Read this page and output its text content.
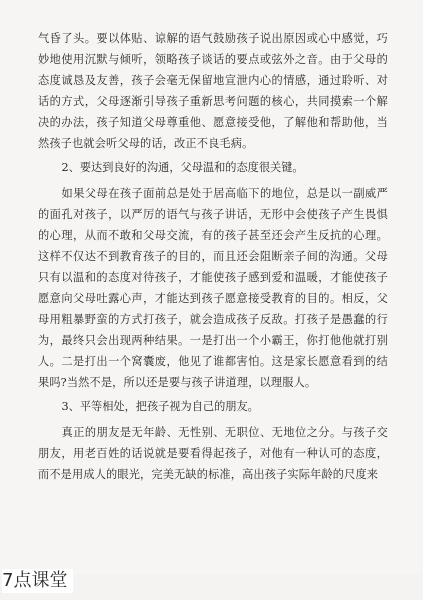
气昏了头。要以体贴、谅解的语气鼓励孩子说出原因或心中感觉，巧妙地使用沉默与倾听，领略孩子谈话的要点或弦外之音。由于父母的态度诚恳及友善，孩子会毫无保留地宣泄内心的情感，通过聆听、对话的方式，父母逐渐引导孩子重新思考问题的核心，共同摸索一个解决的办法，孩子知道父母尊重他、愿意接受他，了解他和帮助他，当然孩子也就会听父母的话，改正不良毛病。

2、要达到良好的沟通，父母温和的态度很关键。

如果父母在孩子面前总是处于居高临下的地位，总是以一副威严的面孔对孩子，以严厉的语气与孩子讲话，无形中会使孩子产生畏惧的心理，从而不敢和父母交流，有的孩子甚至还会产生反抗的心理。这样不仅达不到教育孩子的目的，而且还会阻断亲子间的沟通。父母只有以温和的态度对待孩子，才能使孩子感到爱和温暖，才能使孩子愿意向父母吐露心声，才能达到孩子愿意接受教育的目的。相反，父母用粗暴野蛮的方式打孩子，就会造成孩子反敌。打孩子是愚蠢的行为，最终只会出现两种结果。一是打出一个小霸王，你打他他就打别人。二是打出一个窝囊废，他见了谁都害怕。这是家长愿意看到的结果吗?当然不是，所以还是要与孩子讲道理，以理服人。

3、平等相处，把孩子视为自己的朋友。

真正的朋友是无年龄、无性别、无职位、无地位之分。与孩子交朋友，用老百姓的话说就是要看得起孩子，对他有一种认可的态度，而不是用成人的眼光，完美无缺的标准，高出孩子实际年龄的尺度来

7点课堂
